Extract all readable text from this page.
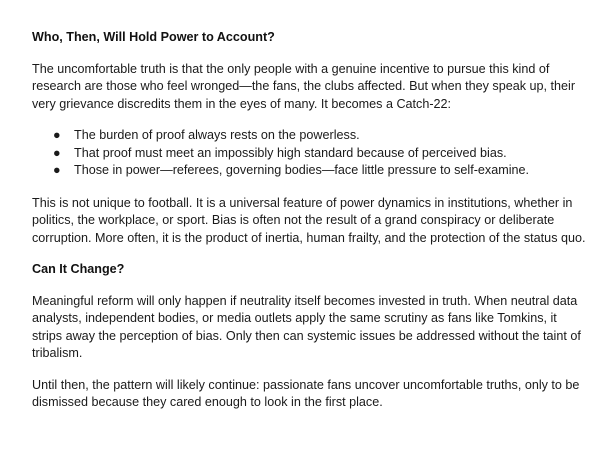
Who, Then, Will Hold Power to Account?

The uncomfortable truth is that the only people with a genuine incentive to pursue this kind of research are those who feel wronged—the fans, the clubs affected. But when they speak up, their very grievance discredits them in the eyes of many. It becomes a Catch-22:

● The burden of proof always rests on the powerless.
● That proof must meet an impossibly high standard because of perceived bias.
● Those in power—referees, governing bodies—face little pressure to self-examine.

This is not unique to football. It is a universal feature of power dynamics in institutions, whether in politics, the workplace, or sport. Bias is often not the result of a grand conspiracy or deliberate corruption. More often, it is the product of inertia, human frailty, and the protection of the status quo.

Can It Change?

Meaningful reform will only happen if neutrality itself becomes invested in truth. When neutral data analysts, independent bodies, or media outlets apply the same scrutiny as fans like Tomkins, it strips away the perception of bias. Only then can systemic issues be addressed without the taint of tribalism.

Until then, the pattern will likely continue: passionate fans uncover uncomfortable truths, only to be dismissed because they cared enough to look in the first place.
